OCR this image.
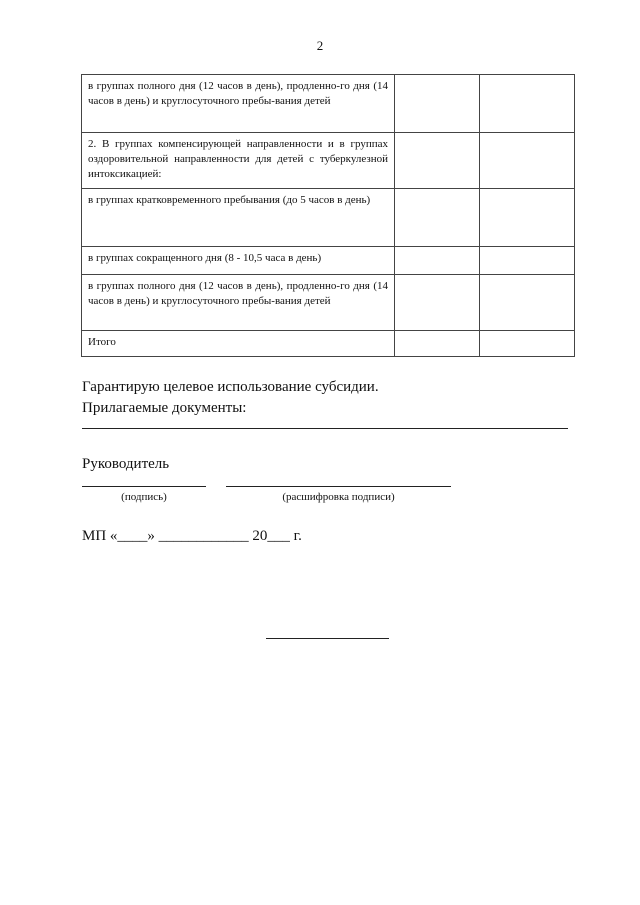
2
в группах полного дня (12 часов в день), продленно-го дня (14 часов в день) и круглосуточного пребы-вания детей		
2. В группах компенсирующей направленности и в группах оздоровительной направленности для детей с туберкулезной интоксикацией:		
в группах кратковременного пребывания (до 5 часов в день)		
в группах сокращенного дня (8 - 10,5 часа в день)		
в группах полного дня (12 часов в день), продленно-го дня (14 часов в день) и круглосуточного пребы-вания детей		
Итого		
Гарантирую целевое использование субсидии.
Прилагаемые документы:
Руководитель
(подпись)	(расшифровка подписи)
МП «____» ____________ 20___ г.
